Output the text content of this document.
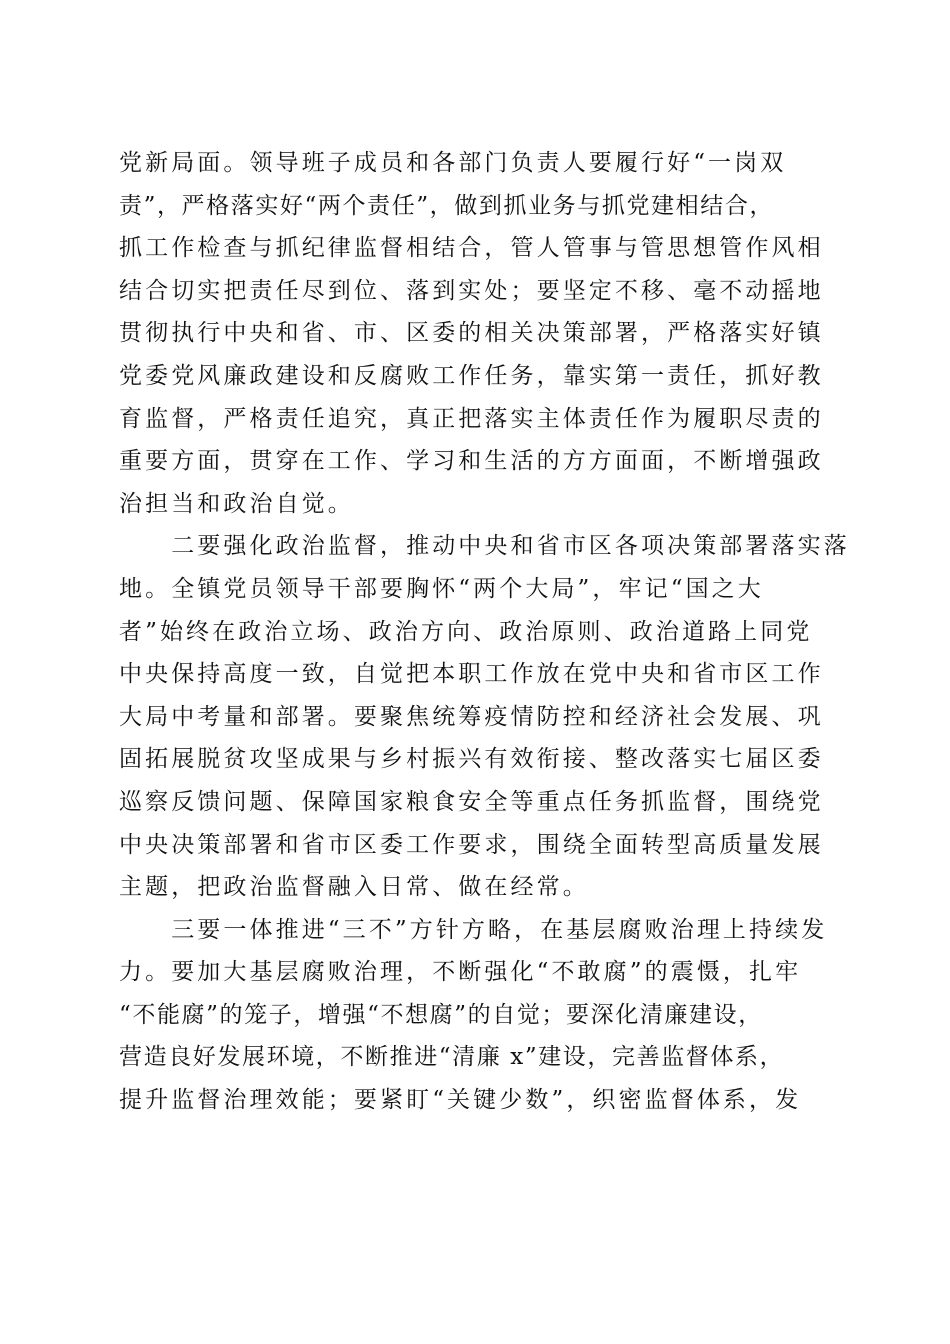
党新局面。领导班子成员和各部门负责人要履行好“一岗双
责”，严格落实好“两个责任”，做到抓业务与抓党建相结合，
抓工作检查与抓纪律监督相结合，管人管事与管思想管作风相
结合切实把责任尽到位、落到实处；要坚定不移、毫不动摇地
贯彻执行中央和省、市、区委的相关决策部署，严格落实好镇
党委党风廉政建设和反腐败工作任务，靠实第一责任，抓好教
育监督，严格责任追究，真正把落实主体责任作为履职尽责的
重要方面，贯穿在工作、学习和生活的方方面面，不断增强政
治担当和政治自觉。
　　二要强化政治监督，推动中央和省市区各项决策部署落实落
地。全镇党员领导干部要胸怀“两个大局”，牢记“国之大
者”始终在政治立场、政治方向、政治原则、政治道路上同党
中央保持高度一致，自觉把本职工作放在党中央和省市区工作
大局中考量和部署。要聚焦统筹疫情防控和经济社会发展、巩
固拓展脱贫攻坚成果与乡村振兴有效衔接、整改落实七届区委
巡察反馈问题、保障国家粮食安全等重点任务抓监督，围绕党
中央决策部署和省市区委工作要求，围绕全面转型高质量发展
主题，把政治监督融入日常、做在经常。
　　三要一体推进“三不”方针方略，在基层腐败治理上持续发
力。要加大基层腐败治理，不断强化“不敢腐”的震慑，扎牢
“不能腐”的笼子，增强“不想腐”的自觉；要深化清廉建设，
营造良好发展环境，不断推进“清廉 x”建设，完善监督体系，
提升监督治理效能；要紧盯“关键少数”，织密监督体系，发
